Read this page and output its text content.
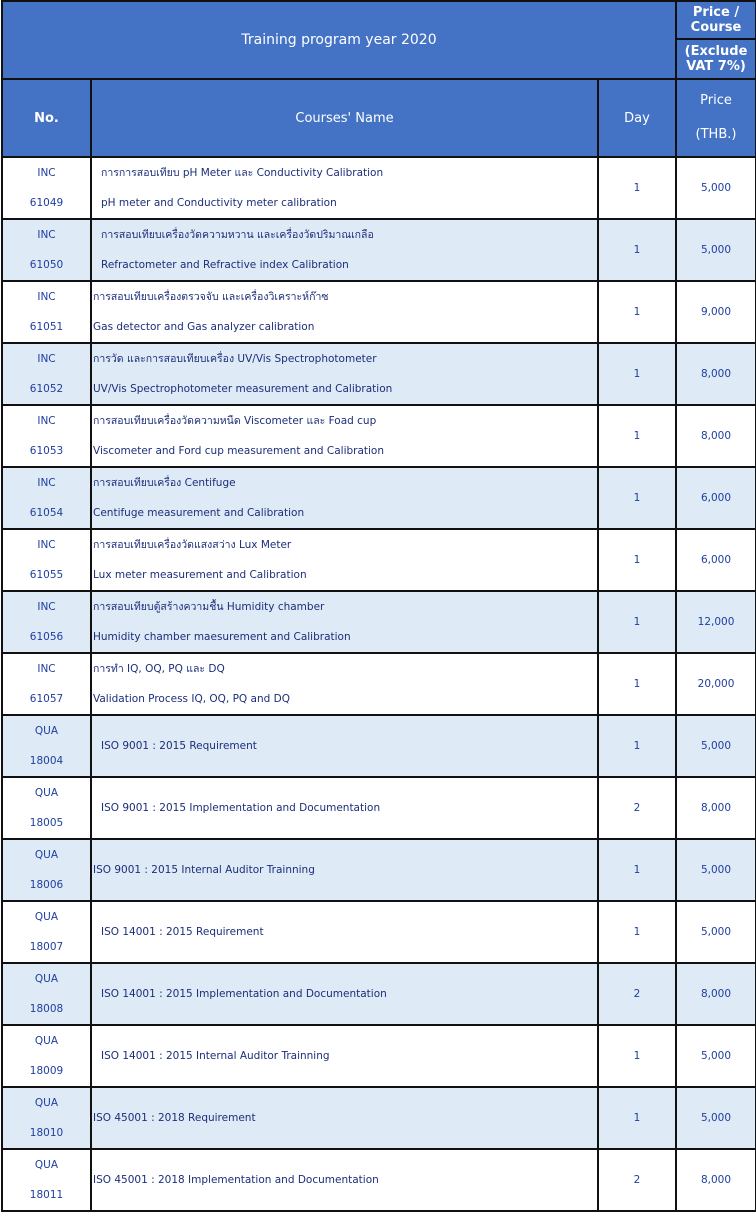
Training program year 2020			Price / Course
			(Exclude VAT 7%)
No.	Courses' Name	Day	Price
(THB.)

INC
61049	การการสอบเทียบ pH Meter และ Conductivity Calibration
pH meter and Conductivity meter calibration	1	5,000

INC
61050	การสอบเทียบเครื่องวัดความหวาน และเครื่องวัดปริมาณเกลือ
Refractometer and Refractive index Calibration	1	5,000

INC
61051	การสอบเทียบเครื่องตรวจจับ และเครื่องวิเคราะห์ก๊าซ
Gas detector and Gas analyzer calibration	1	9,000

INC
61052	การวัด และการสอบเทียบเครื่อง UV/Vis Spectrophotometer
UV/Vis Spectrophotometer measurement and Calibration	1	8,000

INC
61053	การสอบเทียบเครื่องวัดความหนืด Viscometer และ Foad cup
Viscometer and Ford cup measurement and Calibration	1	8,000

INC
61054	การสอบเทียบเครื่อง Centifuge
Centifuge measurement and Calibration	1	6,000

INC
61055	การสอบเทียบเครื่องวัดแสงสว่าง Lux Meter
Lux meter measurement and Calibration	1	6,000

INC
61056	การสอบเทียบตู้สร้างความชื้น Humidity chamber
Humidity chamber maesurement and Calibration	1	12,000

INC
61057	การทำ IQ, OQ, PQ และ DQ
Validation Process IQ, OQ, PQ and DQ	1	20,000

QUA
18004	ISO 9001 : 2015 Requirement	1	5,000

QUA
18005	ISO 9001 : 2015 Implementation and Documentation	2	8,000

QUA
18006	ISO 9001 : 2015 Internal Auditor Trainning	1	5,000

QUA
18007	ISO 14001 : 2015 Requirement	1	5,000

QUA
18008	ISO 14001 : 2015 Implementation and Documentation	2	8,000

QUA
18009	ISO 14001 : 2015 Internal Auditor Trainning	1	5,000

QUA
18010	ISO 45001 : 2018 Requirement	1	5,000

QUA
18011	ISO 45001 : 2018 Implementation and Documentation	2	8,000
